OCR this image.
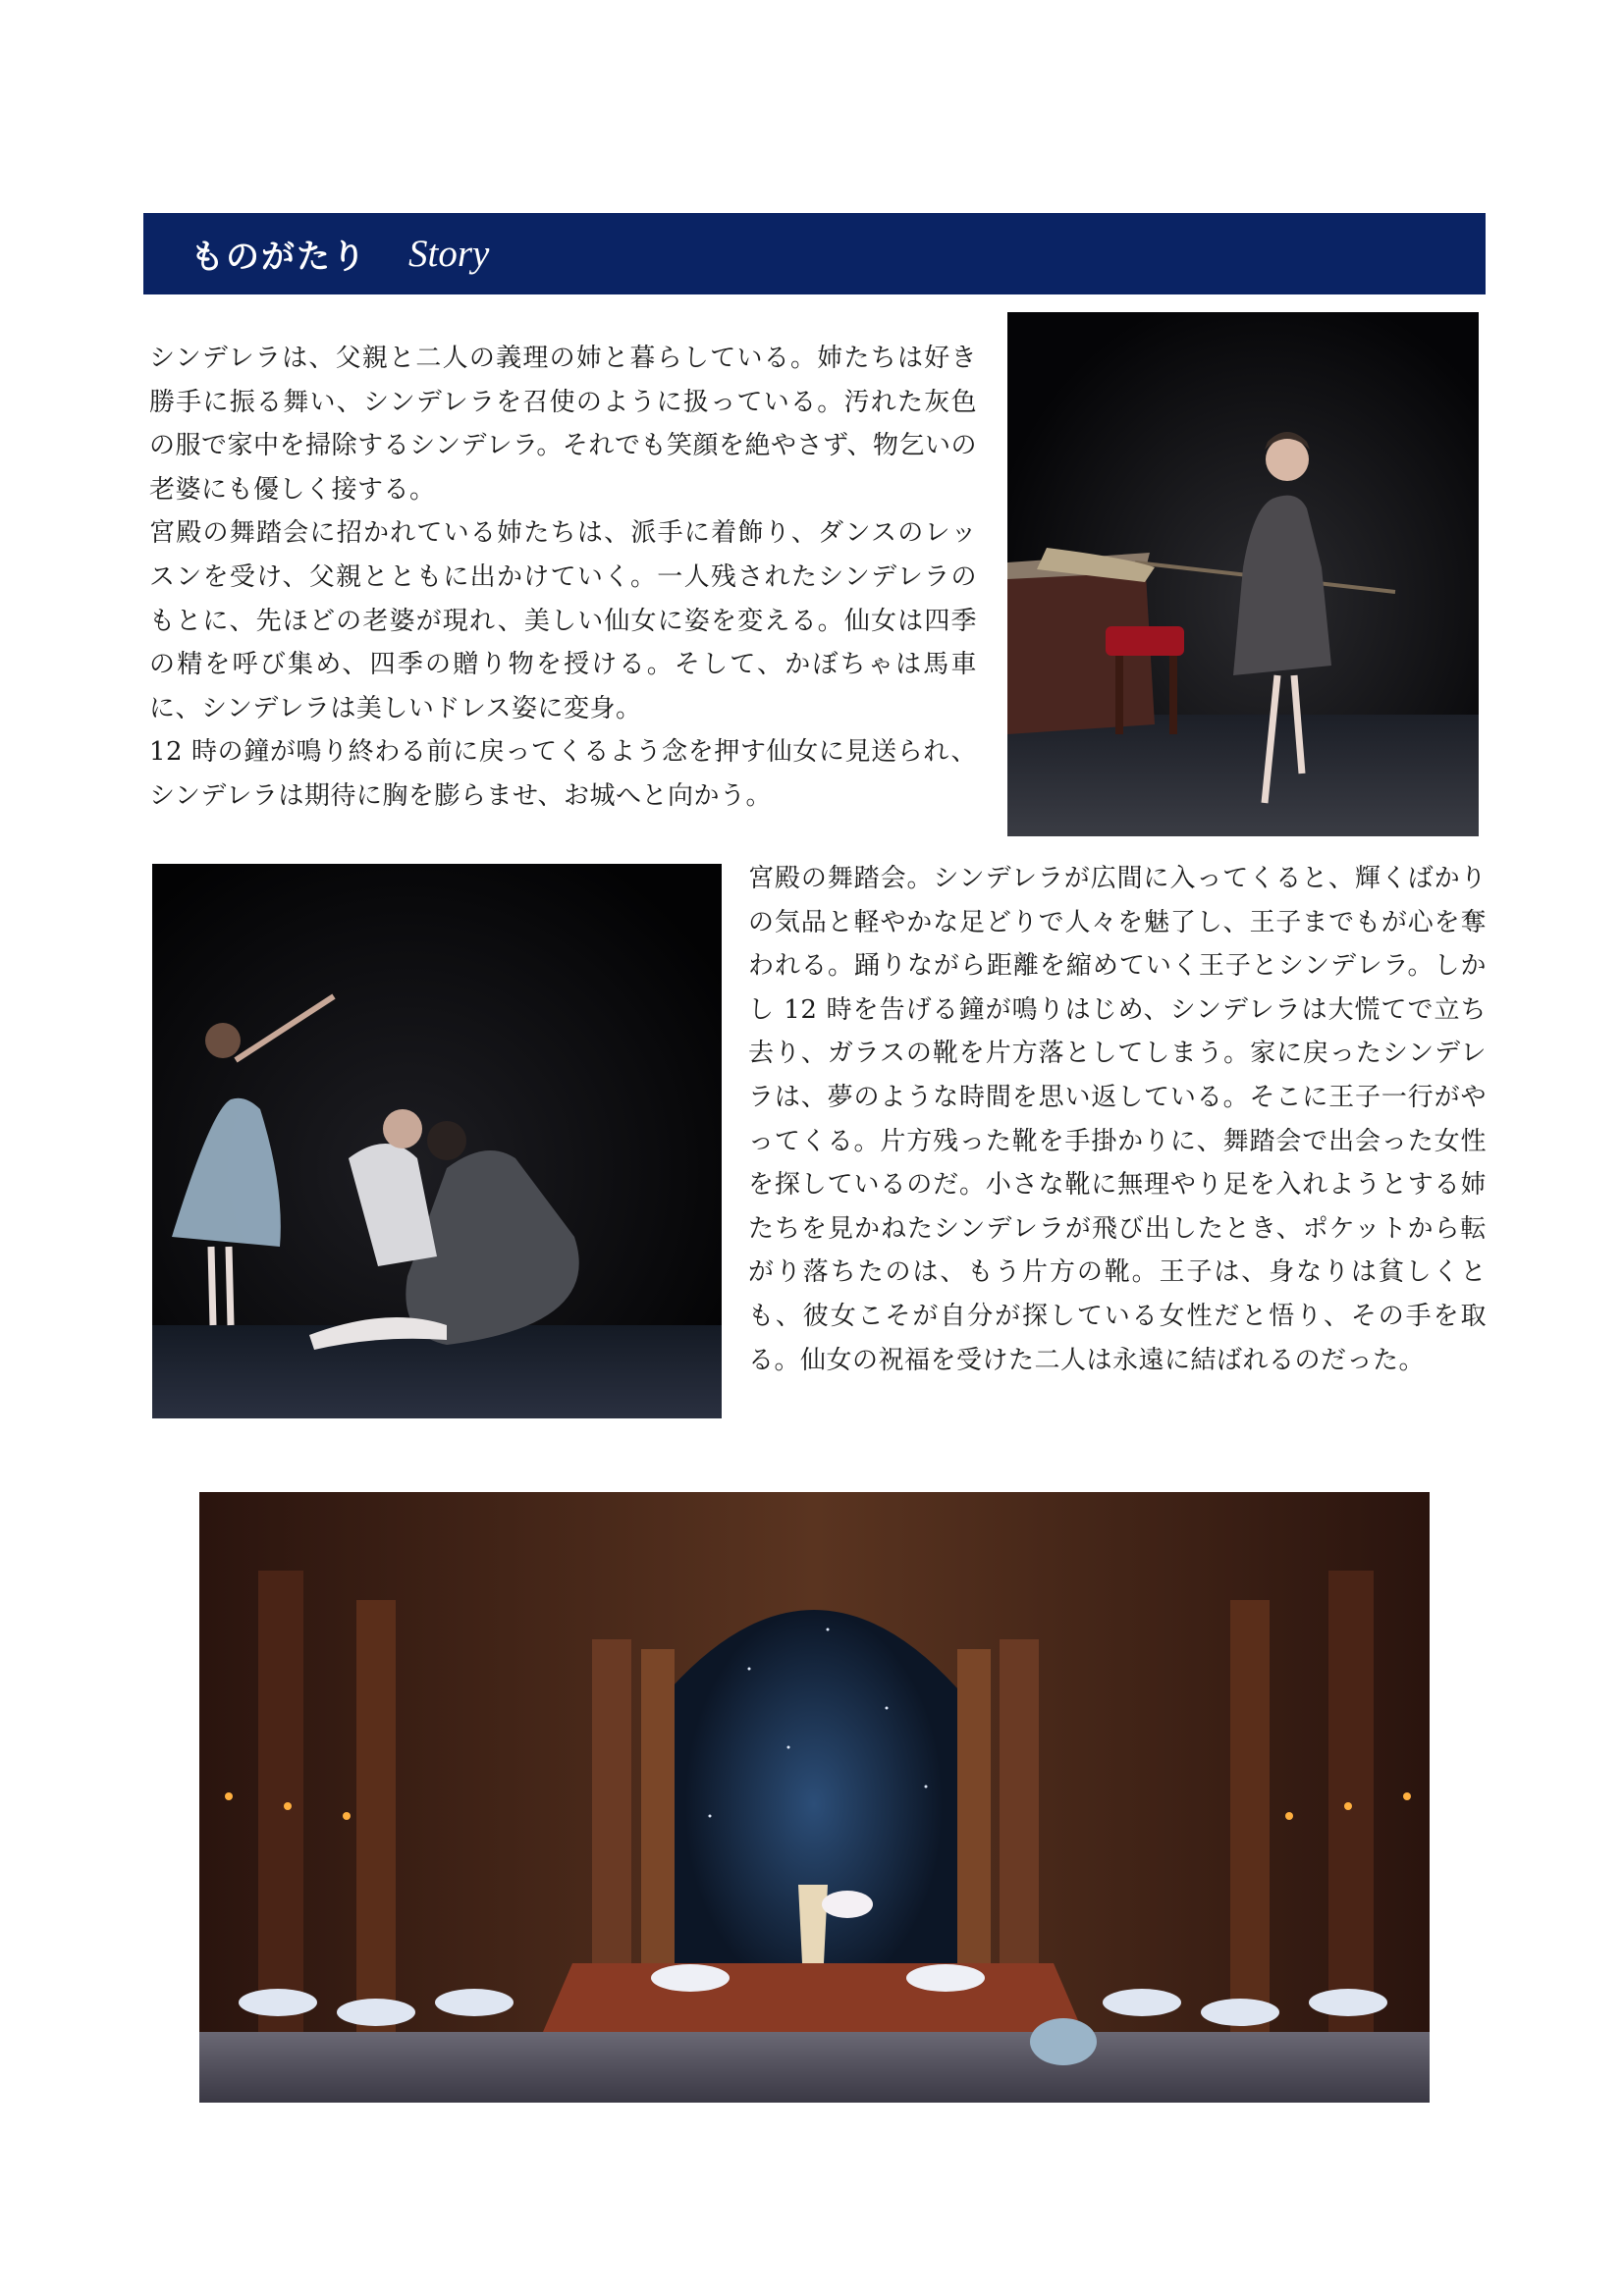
ものがたり Story
シンデレラは、父親と二人の義理の姉と暮らしている。姉たちは好き勝手に振る舞い、シンデレラを召使のように扱っている。汚れた灰色の服で家中を掃除するシンデレラ。それでも笑顔を絶やさず、物乞いの老婆にも優しく接する。
宮殿の舞踏会に招かれている姉たちは、派手に着飾り、ダンスのレッスンを受け、父親とともに出かけていく。一人残されたシンデレラのもとに、先ほどの老婆が現れ、美しい仙女に姿を変える。仙女は四季の精を呼び集め、四季の贈り物を授ける。そして、かぼちゃは馬車に、シンデレラは美しいドレス姿に変身。
12 時の鐘が鳴り終わる前に戻ってくるよう念を押す仙女に見送られ、シンデレラは期待に胸を膨らませ、お城へと向かう。
宮殿の舞踏会。シンデレラが広間に入ってくると、輝くばかりの気品と軽やかな足どりで人々を魅了し、王子までもが心を奪われる。踊りながら距離を縮めていく王子とシンデレラ。しかし 12 時を告げる鐘が鳴りはじめ、シンデレラは大慌てで立ち去り、ガラスの靴を片方落としてしまう。家に戻ったシンデレラは、夢のような時間を思い返している。そこに王子一行がやってくる。片方残った靴を手掛かりに、舞踏会で出会った女性を探しているのだ。小さな靴に無理やり足を入れようとする姉たちを見かねたシンデレラが飛び出したとき、ポケットから転がり落ちたのは、もう片方の靴。王子は、身なりは貧しくとも、彼女こそが自分が探している女性だと悟り、その手を取る。仙女の祝福を受けた二人は永遠に結ばれるのだった。
